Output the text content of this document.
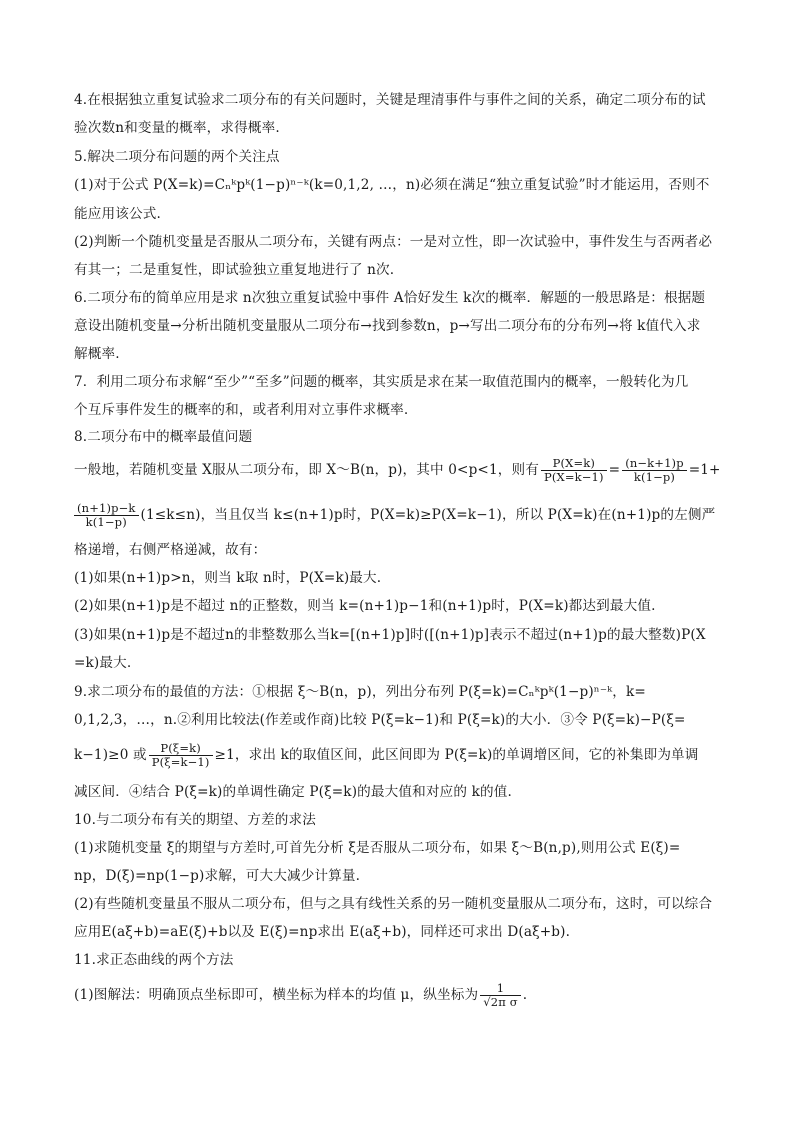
4.在根据独立重复试验求二项分布的有关问题时，关键是理清事件与事件之间的关系，确定二项分布的试
验次数n和变量的概率，求得概率.
5.解决二项分布问题的两个关注点
(1)对于公式 P(X=k)=Cₙᵏpᵏ(1−p)ⁿ⁻ᵏ(k=0,1,2, …，n)必须在满足“独立重复试验”时才能运用，否则不
能应用该公式.
(2)判断一个随机变量是否服从二项分布，关键有两点：一是对立性，即一次试验中，事件发生与否两者必
有其一；二是重复性，即试验独立重复地进行了 n次.
6.二项分布的简单应用是求 n次独立重复试验中事件 A恰好发生 k次的概率．解题的一般思路是：根据题
意设出随机变量→分析出随机变量服从二项分布→找到参数n，p→写出二项分布的分布列→将 k值代入求
解概率.
7．利用二项分布求解“至少”“至多”问题的概率，其实质是求在某一取值范围内的概率，一般转化为几
个互斥事件发生的概率的和，或者利用对立事件求概率.
8.二项分布中的概率最值问题
一般地，若随机变量 X服从二项分布，即 X～B(n，p)，其中 0<p<1，则有 $\frac{P(X=k)}{P(X=k-1)} = \frac{(n-k+1)p}{k(1-p)} =1+$
$\frac{(n+1)p-k}{k(1-p)} (1\le k\le n)$，当且仅当 k≤(n+1)p时，P(X=k)≥P(X=k−1)，所以 P(X=k)在(n+1)p的左侧严
格递增，右侧严格递减，故有：
(1)如果(n+1)p>n，则当 k取 n时，P(X=k)最大.
(2)如果(n+1)p是不超过 n的正整数，则当 k=(n+1)p−1和(n+1)p时，P(X=k)都达到最大值.
(3)如果(n+1)p是不超过n的非整数那么当k=[(n+1)p]时([(n+1)p]表示不超过(n+1)p的最大整数)P(X
=k)最大.
9.求二项分布的最值的方法：①根据 ξ～B(n，p)，列出分布列 P(ξ=k)=Cₙᵏpᵏ(1−p)ⁿ⁻ᵏ，k=
0,1,2,3，…，n.②利用比较法(作差或作商)比较 P(ξ=k−1)和 P(ξ=k)的大小．③令 P(ξ=k)−P(ξ=
k−1)≥0 或 $\frac{P(\xi=k)}{P(\xi=k-1)} \ge 1$，求出 k的取值区间，此区间即为 P(ξ=k)的单调增区间，它的补集即为单调
减区间．④结合 P(ξ=k)的单调性确定 P(ξ=k)的最大值和对应的 k的值.
10.与二项分布有关的期望、方差的求法
(1)求随机变量 ξ的期望与方差时,可首先分析 ξ是否服从二项分布，如果 ξ～B(n,p),则用公式 E(ξ)=
np，D(ξ)=np(1−p)求解，可大大减少计算量.
(2)有些随机变量虽不服从二项分布，但与之具有线性关系的另一随机变量服从二项分布，这时，可以综合
应用E(aξ+b)=aE(ξ)+b以及 E(ξ)=np求出 E(aξ+b)，同样还可求出 D(aξ+b).
11.求正态曲线的两个方法
(1)图解法：明确顶点坐标即可，横坐标为样本的均值 μ，纵坐标为 $\frac{1}{\text{√2π σ}}$ .
